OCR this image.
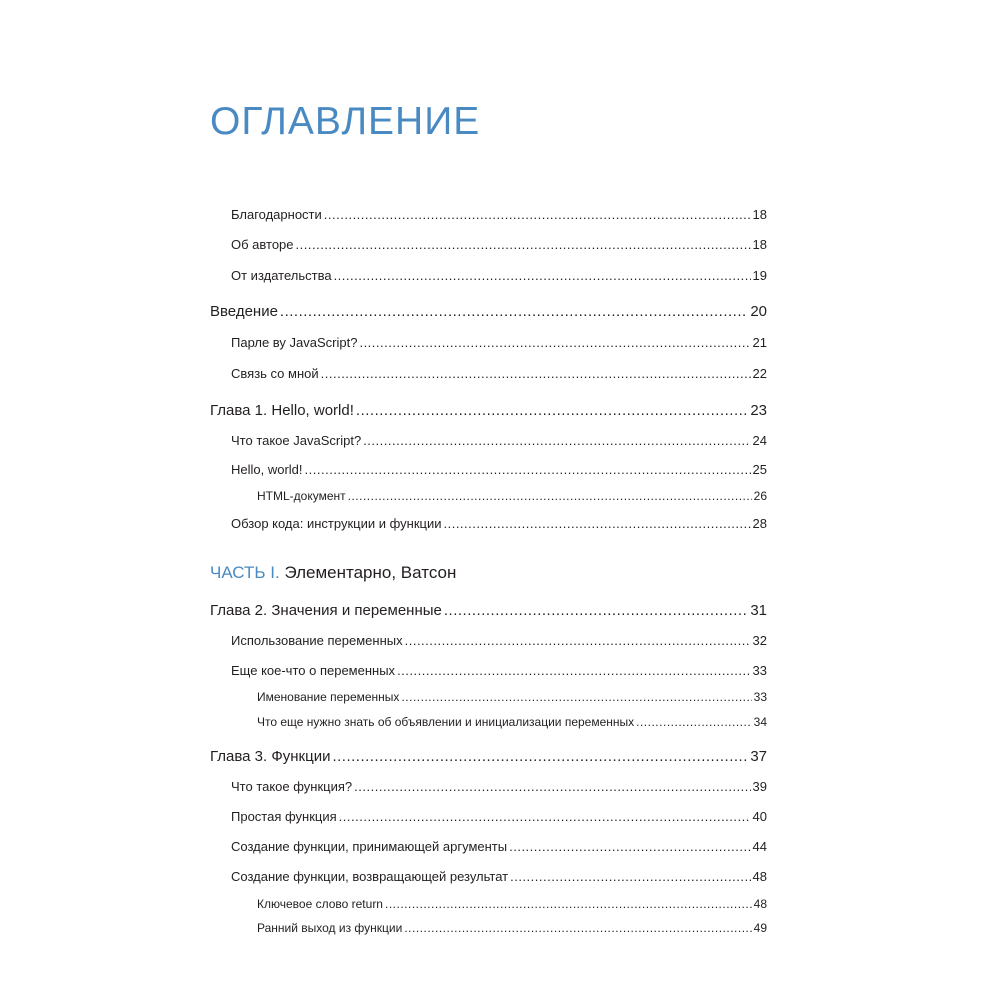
ОГЛАВЛЕНИЕ
Благодарности .....	18
Об авторе .....	18
От издательства .....	19
Введение .....	20
Парле ву JavaScript? .....	21
Связь со мной .....	22
Глава 1. Hello, world! .....	23
Что такое JavaScript? .....	24
Hello, world! .....	25
HTML-документ .....	26
Обзор кода: инструкции и функции .....	28
ЧАСТЬ I. Элементарно, Ватсон
Глава 2. Значения и переменные .....	31
Использование переменных .....	32
Еще кое-что о переменных .....	33
Именование переменных .....	33
Что еще нужно знать об объявлении и инициализации переменных .....	34
Глава 3. Функции .....	37
Что такое функция? .....	39
Простая функция .....	40
Создание функции, принимающей аргументы .....	44
Создание функции, возвращающей результат .....	48
Ключевое слово return .....	48
Ранний выход из функции .....	49
